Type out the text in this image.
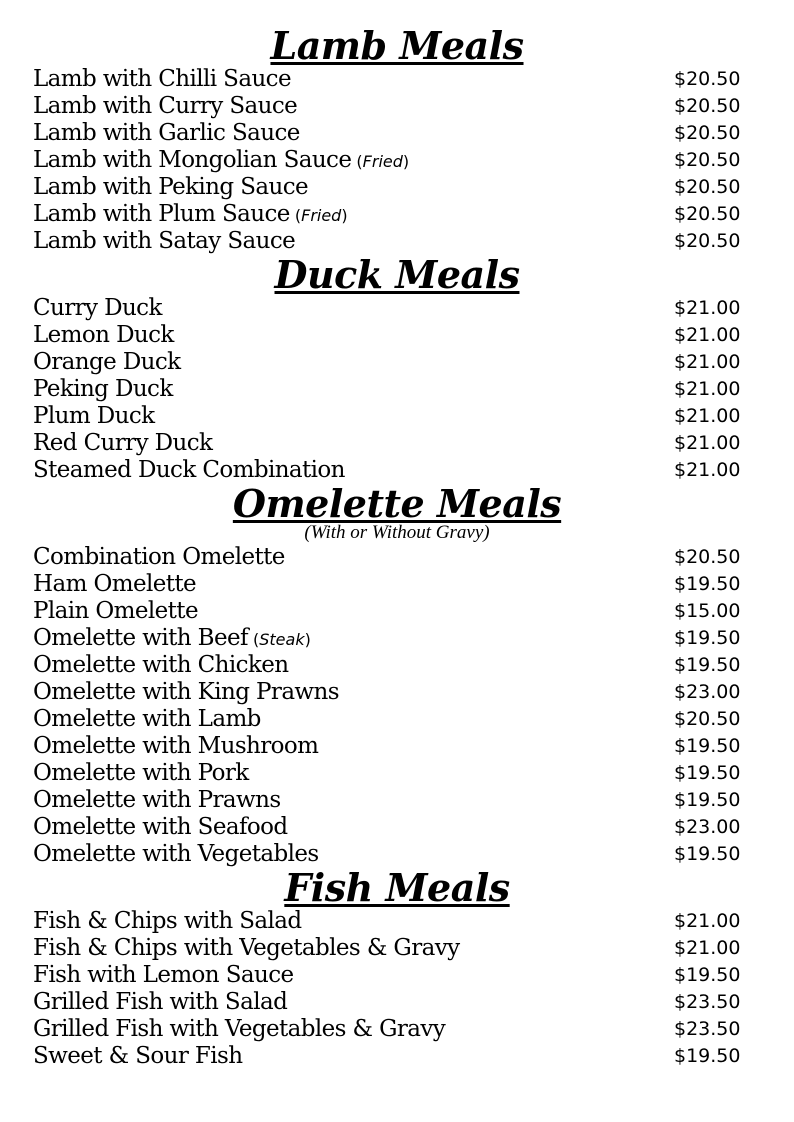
Lamb Meals
Lamb with Chilli Sauce	$20.50
Lamb with Curry Sauce	$20.50
Lamb with Garlic Sauce	$20.50
Lamb with Mongolian Sauce (Fried)	$20.50
Lamb with Peking Sauce	$20.50
Lamb with Plum Sauce (Fried)	$20.50
Lamb with Satay Sauce	$20.50
Duck Meals
Curry Duck	$21.00
Lemon Duck	$21.00
Orange Duck	$21.00
Peking Duck	$21.00
Plum Duck	$21.00
Red Curry Duck	$21.00
Steamed Duck Combination	$21.00
Omelette Meals
(With or Without Gravy)
Combination Omelette	$20.50
Ham Omelette	$19.50
Plain Omelette	$15.00
Omelette with Beef (Steak)	$19.50
Omelette with Chicken	$19.50
Omelette with King Prawns	$23.00
Omelette with Lamb	$20.50
Omelette with Mushroom	$19.50
Omelette with Pork	$19.50
Omelette with Prawns	$19.50
Omelette with Seafood	$23.00
Omelette with Vegetables	$19.50
Fish Meals
Fish & Chips with Salad	$21.00
Fish & Chips with Vegetables & Gravy	$21.00
Fish with Lemon Sauce	$19.50
Grilled Fish with Salad	$23.50
Grilled Fish with Vegetables & Gravy	$23.50
Sweet & Sour Fish	$19.50
